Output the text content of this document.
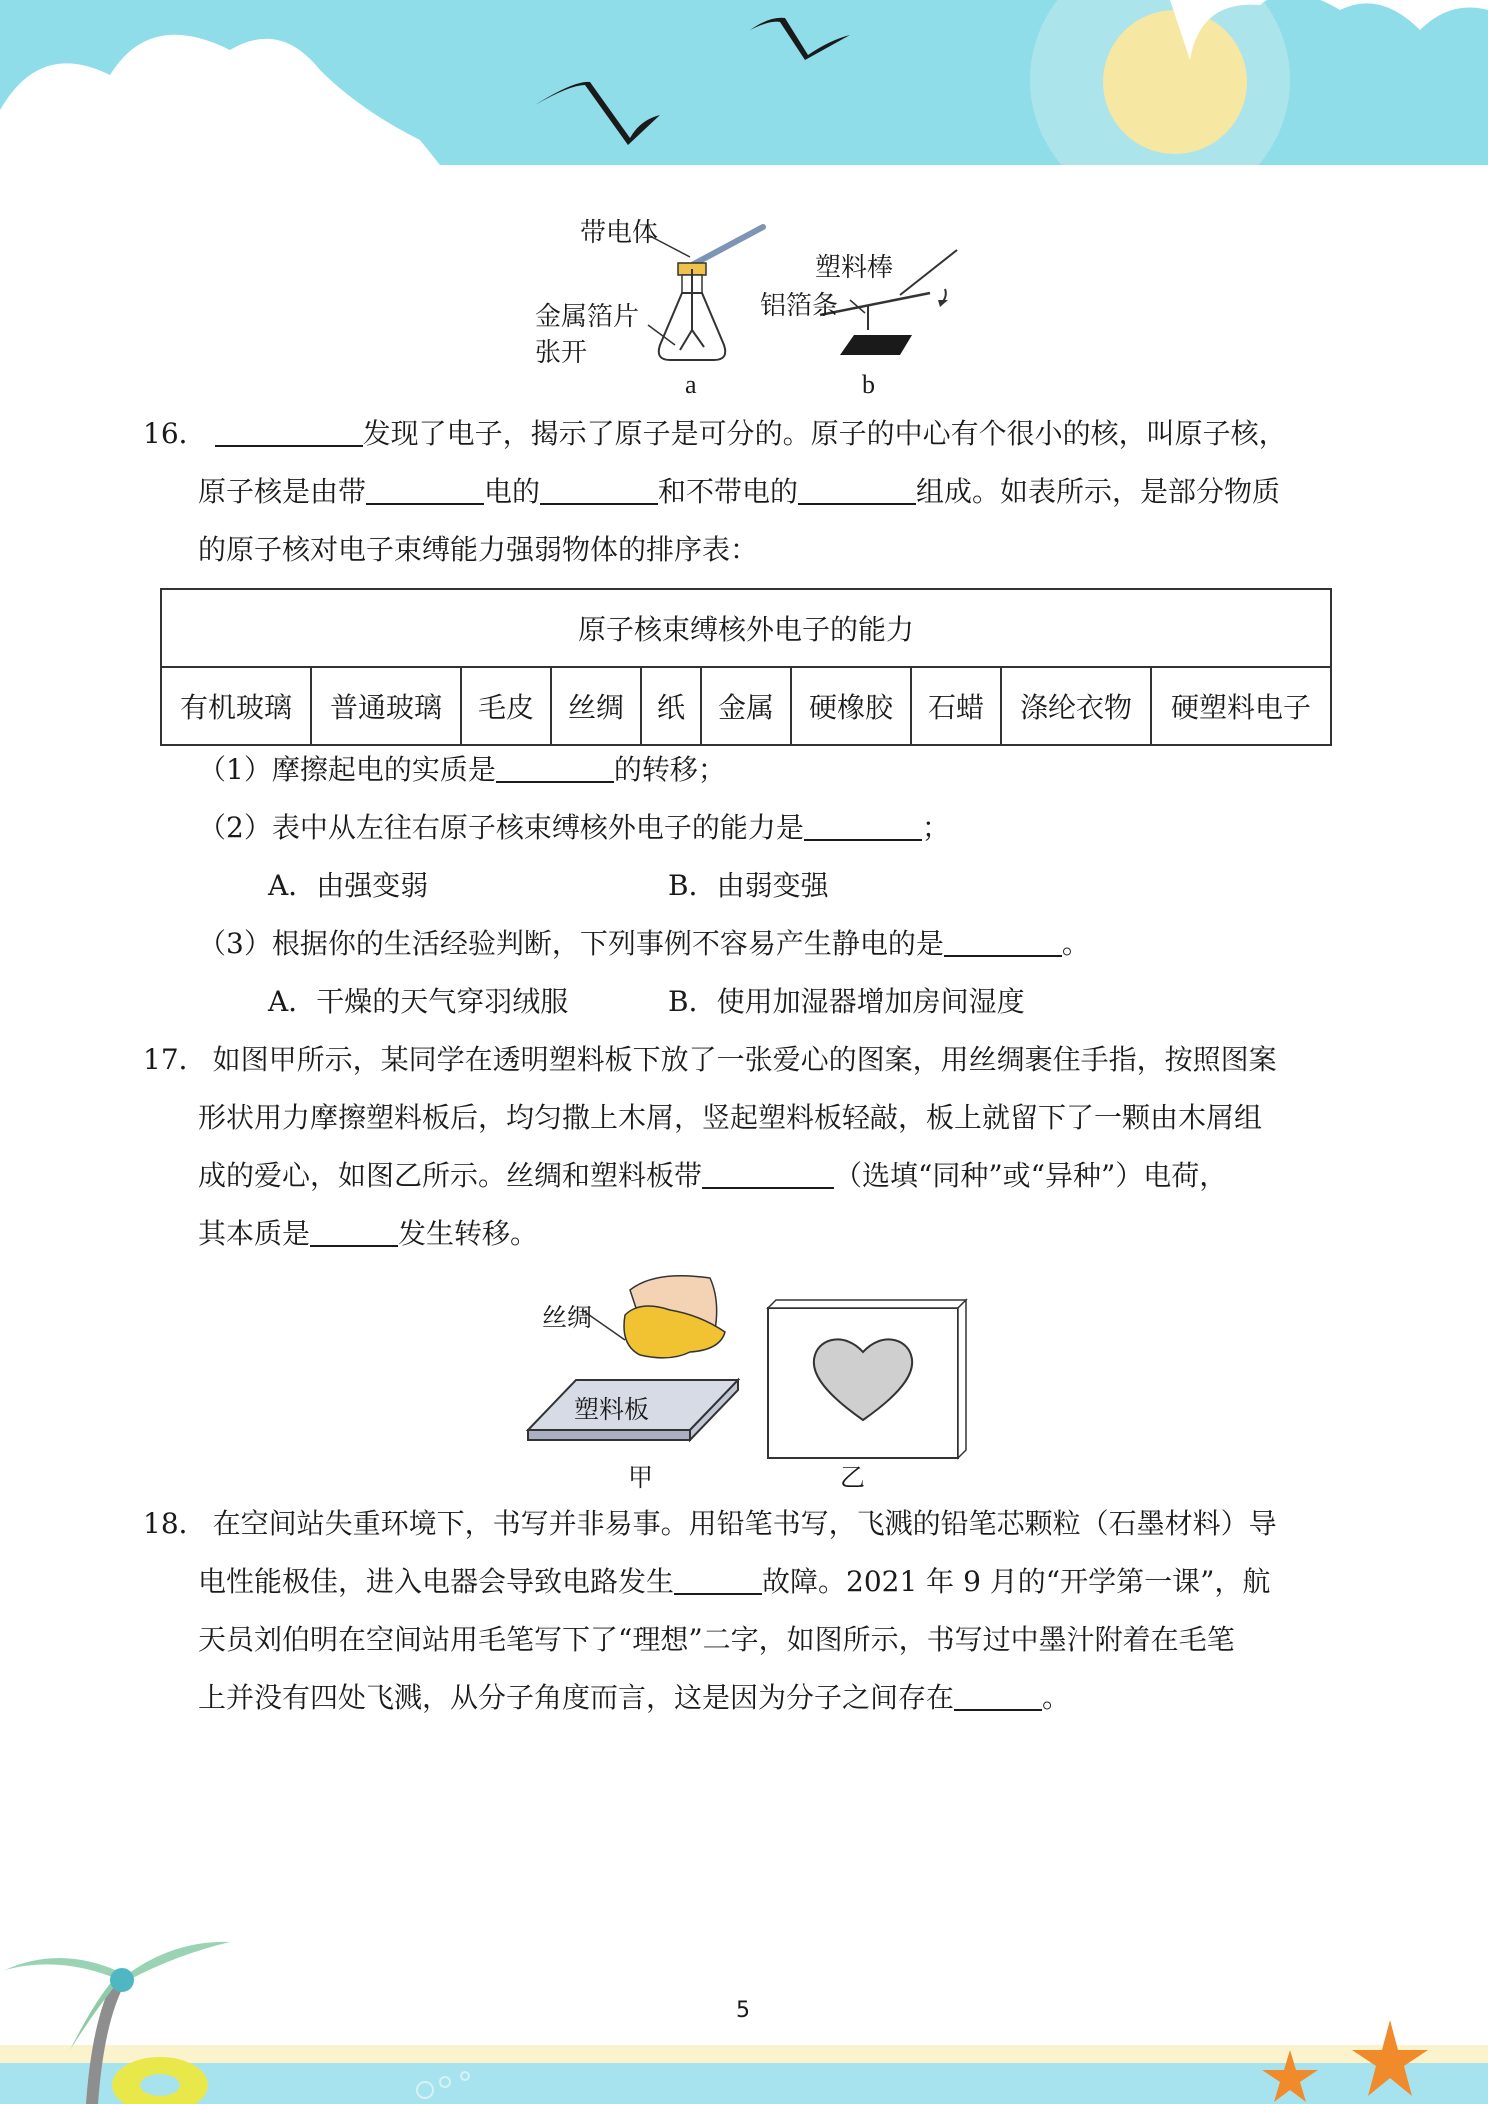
带电体
金属箔片
张开
a
塑料棒
铝箔条
b
16．	发现了电子，揭示了原子是可分的。原子的中心有个很小的核，叫原子核，
原子核是由带	电的	和不带电的	组成。如表所示，是部分物质
的原子核对电子束缚能力强弱物体的排序表：
原子核束缚核外电子的能力
有机玻璃	普通玻璃	毛皮	丝绸	纸	金属	硬橡胶	石蜡	涤纶衣物	硬塑料电子
（1）摩擦起电的实质是	的转移；
（2）表中从左往右原子核束缚核外电子的能力是	；
A．由强变弱	B．由弱变强
（3）根据你的生活经验判断，下列事例不容易产生静电的是	。
A．干燥的天气穿羽绒服	B．使用加湿器增加房间湿度
17． 如图甲所示，某同学在透明塑料板下放了一张爱心的图案，用丝绸裹住手指，按照图案
形状用力摩擦塑料板后，均匀撒上木屑，竖起塑料板轻敲，板上就留下了一颗由木屑组
成的爱心，如图乙所示。丝绸和塑料板带	（选填“同种”或“异种”）电荷，
其本质是	发生转移。
丝绸
塑料板
甲	乙
18． 在空间站失重环境下，书写并非易事。用铅笔书写，飞溅的铅笔芯颗粒（石墨材料）导
电性能极佳，进入电器会导致电路发生	故障。2021 年 9 月的“开学第一课”，航
天员刘伯明在空间站用毛笔写下了“理想”二字，如图所示，书写过中墨汁附着在毛笔
上并没有四处飞溅，从分子角度而言，这是因为分子之间存在	。
5
